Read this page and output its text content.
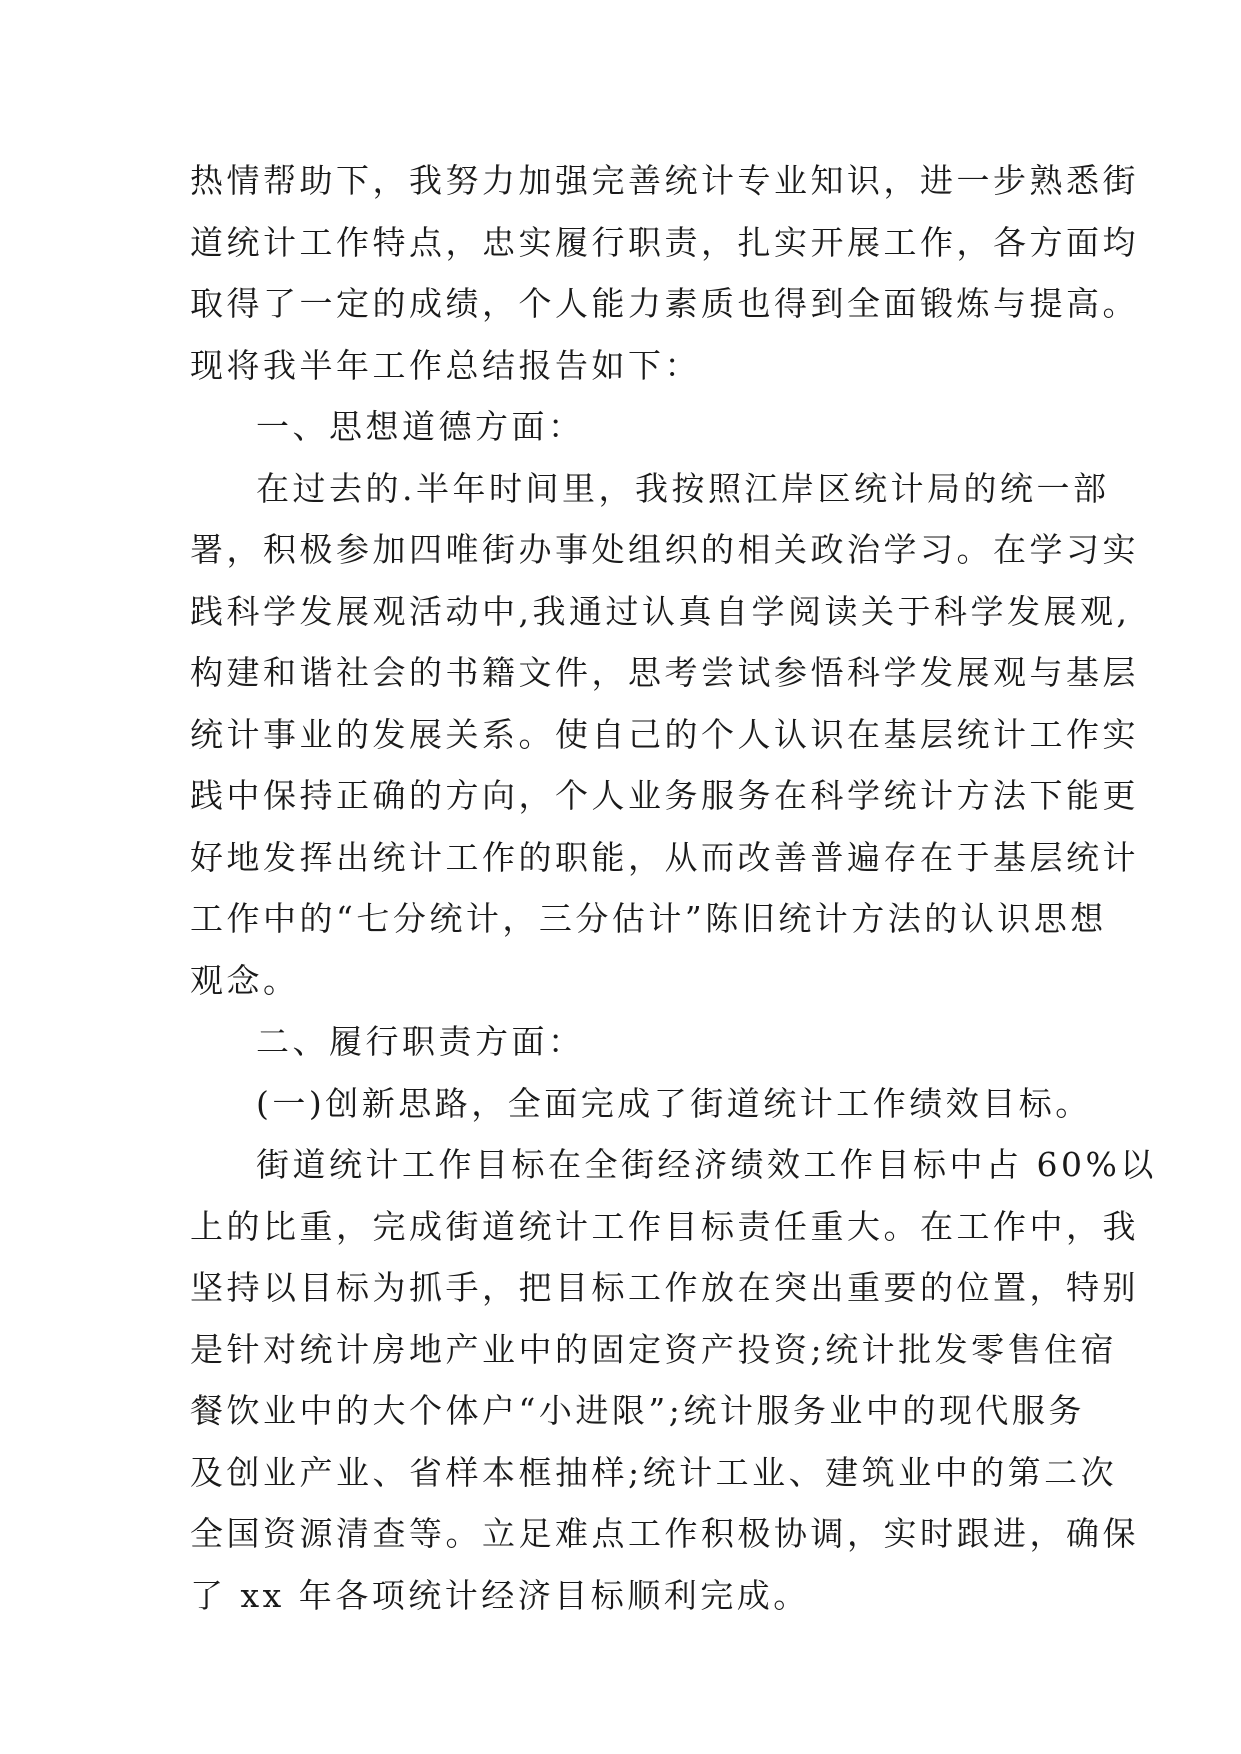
热情帮助下，我努力加强完善统计专业知识，进一步熟悉街
道统计工作特点，忠实履行职责，扎实开展工作，各方面均
取得了一定的成绩，个人能力素质也得到全面锻炼与提高。
现将我半年工作总结报告如下：
一、思想道德方面：
在过去的.半年时间里，我按照江岸区统计局的统一部
署，积极参加四唯街办事处组织的相关政治学习。在学习实
践科学发展观活动中,我通过认真自学阅读关于科学发展观,
构建和谐社会的书籍文件，思考尝试参悟科学发展观与基层
统计事业的发展关系。使自己的个人认识在基层统计工作实
践中保持正确的方向，个人业务服务在科学统计方法下能更
好地发挥出统计工作的职能，从而改善普遍存在于基层统计
工作中的“七分统计，三分估计”陈旧统计方法的认识思想
观念。
二、履行职责方面：
(一)创新思路，全面完成了街道统计工作绩效目标。
街道统计工作目标在全街经济绩效工作目标中占 60%以
上的比重，完成街道统计工作目标责任重大。在工作中，我
坚持以目标为抓手，把目标工作放在突出重要的位置，特别
是针对统计房地产业中的固定资产投资;统计批发零售住宿
餐饮业中的大个体户“小进限”;统计服务业中的现代服务
及创业产业、省样本框抽样;统计工业、建筑业中的第二次
全国资源清查等。立足难点工作积极协调，实时跟进，确保
了 xx 年各项统计经济目标顺利完成。
